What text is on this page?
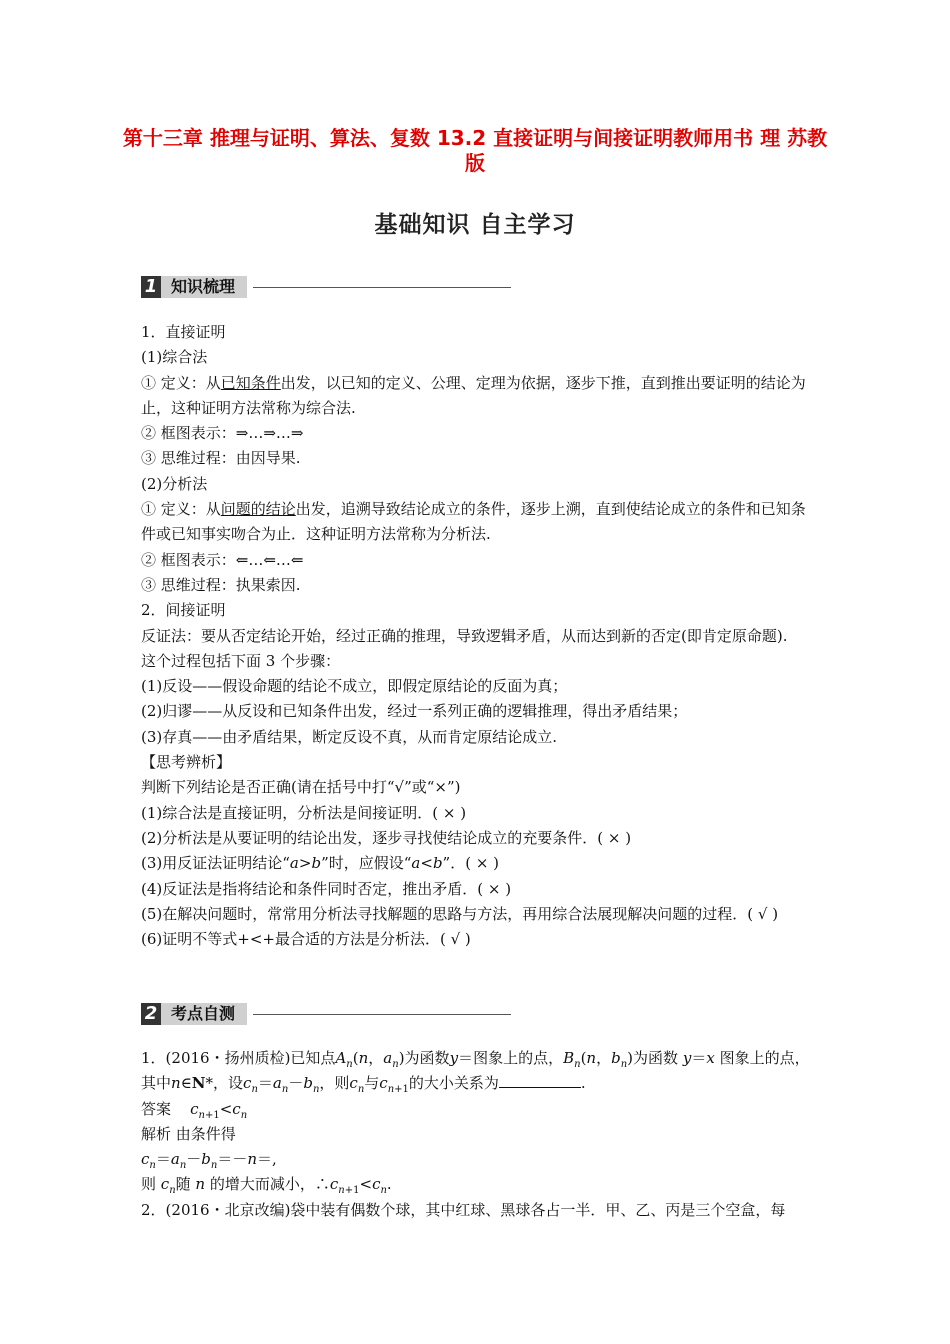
第十三章 推理与证明、算法、复数 13.2 直接证明与间接证明教师用书 理 苏教版
基础知识 自主学习
1 知识梳理

1．直接证明

(1)综合法

① 定义：从已知条件出发，以已知的定义、公理、定理为依据，逐步下推，直到推出要证明的结论为止，这种证明方法常称为综合法.

② 框图表示：⇒…⇒…⇒

③ 思维过程：由因导果.

(2)分析法

① 定义：从问题的结论出发，追溯导致结论成立的条件，逐步上溯，直到使结论成立的条件和已知条件或已知事实吻合为止．这种证明方法常称为分析法.

② 框图表示：⇐…⇐…⇐

③ 思维过程：执果索因.

2．间接证明

反证法：要从否定结论开始，经过正确的推理，导致逻辑矛盾，从而达到新的否定(即肯定原命题).

这个过程包括下面 3 个步骤：

(1)反设——假设命题的结论不成立，即假定原结论的反面为真；

(2)归谬——从反设和已知条件出发，经过一系列正确的逻辑推理，得出矛盾结果；

(3)存真——由矛盾结果，断定反设不真，从而肯定原结论成立.

【思考辨析】

判断下列结论是否正确(请在括号中打“√”或“×”)

(1)综合法是直接证明，分析法是间接证明．( × )

(2)分析法是从要证明的结论出发，逐步寻找使结论成立的充要条件．( × )

(3)用反证法证明结论“a>b”时，应假设“a<b”．( × )

(4)反证法是指将结论和条件同时否定，推出矛盾．( × )

(5)在解决问题时，常常用分析法寻找解题的思路与方法，再用综合法展现解决问题的过程．( √ )

(6)证明不等式+<+最合适的方法是分析法．( √ )

2 考点自测

1．(2016・扬州质检)已知点$A_n(n$，$a_n$)为函数y＝图象上的点，$B_n(n$，$b_n$)为函数 y＝x 图象上的点，其中n∈N*，设$c_n=a_n-b_n$，则$c_n$与$c_{n+1}$的大小关系为	.

答案 $c_{n+1}<c_n$

解析 由条件得

$c_n=a_n-b_n=-n=$,

则 $c_n$随 n 的增大而减小，$\therefore c_{n+1}<c_n$.

2．(2016・北京改编)袋中装有偶数个球，其中红球、黑球各占一半．甲、乙、丙是三个空盒，每
